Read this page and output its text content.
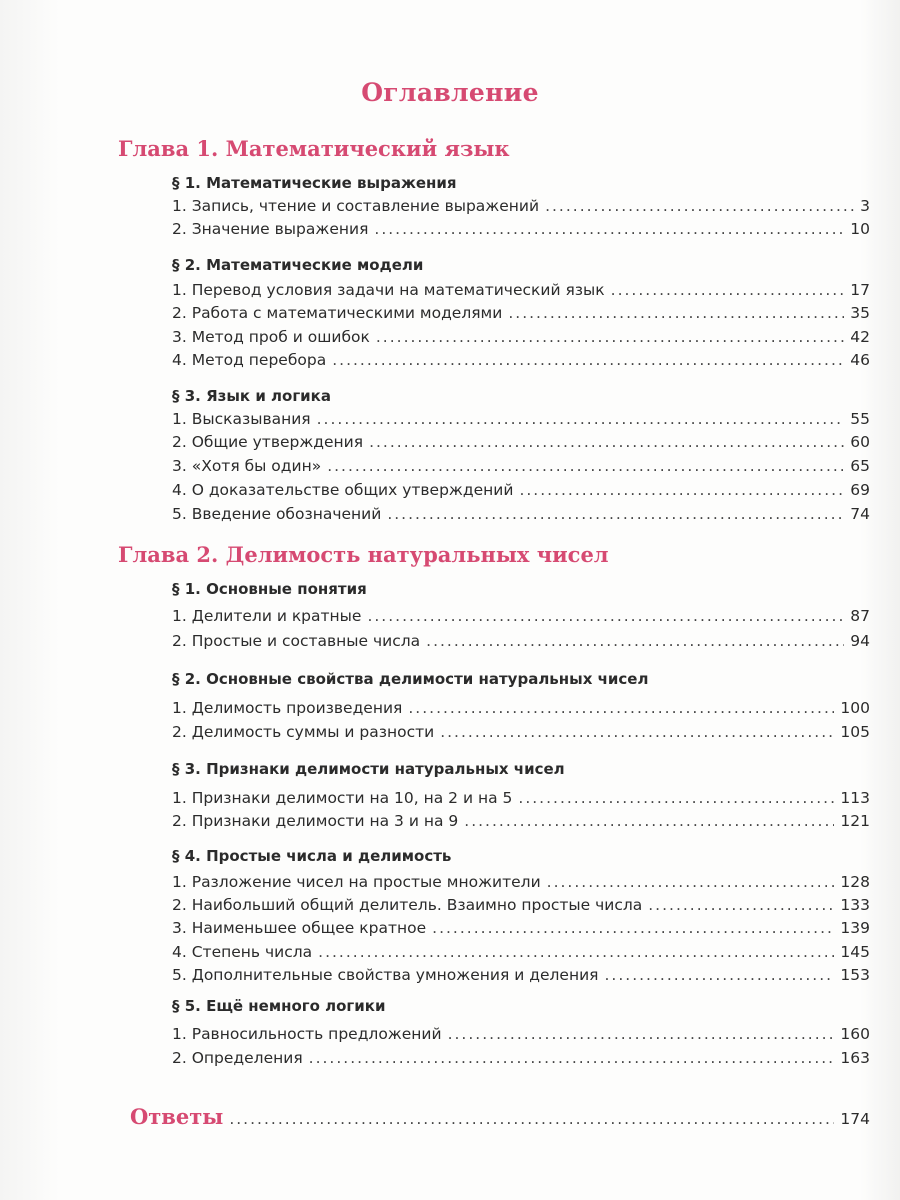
Оглавление
Глава 1. Математический язык
§ 1. Математические выражения
1. Запись, чтение и составление выражений .....	3
2. Значение выражения .....	10
§ 2. Математические модели
1. Перевод условия задачи на математический язык .....	17
2. Работа с математическими моделями .....	35
3. Метод проб и ошибок .....	42
4. Метод перебора .....	46
§ 3. Язык и логика
1. Высказывания .....	55
2. Общие утверждения .....	60
3. «Хотя бы один» .....	65
4. О доказательстве общих утверждений .....	69
5. Введение обозначений .....	74
Глава 2. Делимость натуральных чисел
§ 1. Основные понятия
1. Делители и кратные .....	87
2. Простые и составные числа .....	94
§ 2. Основные свойства делимости натуральных чисел
1. Делимость произведения .....	100
2. Делимость суммы и разности .....	105
§ 3. Признаки делимости натуральных чисел
1. Признаки делимости на 10, на 2 и на 5 .....	113
2. Признаки делимости на 3 и на 9 .....	121
§ 4. Простые числа и делимость
1. Разложение чисел на простые множители .....	128
2. Наибольший общий делитель. Взаимно простые числа .....	133
3. Наименьшее общее кратное .....	139
4. Степень числа .....	145
5. Дополнительные свойства умножения и деления .....	153
§ 5. Ещё немного логики
1. Равносильность предложений .....	160
2. Определения .....	163
Ответы .....	174
